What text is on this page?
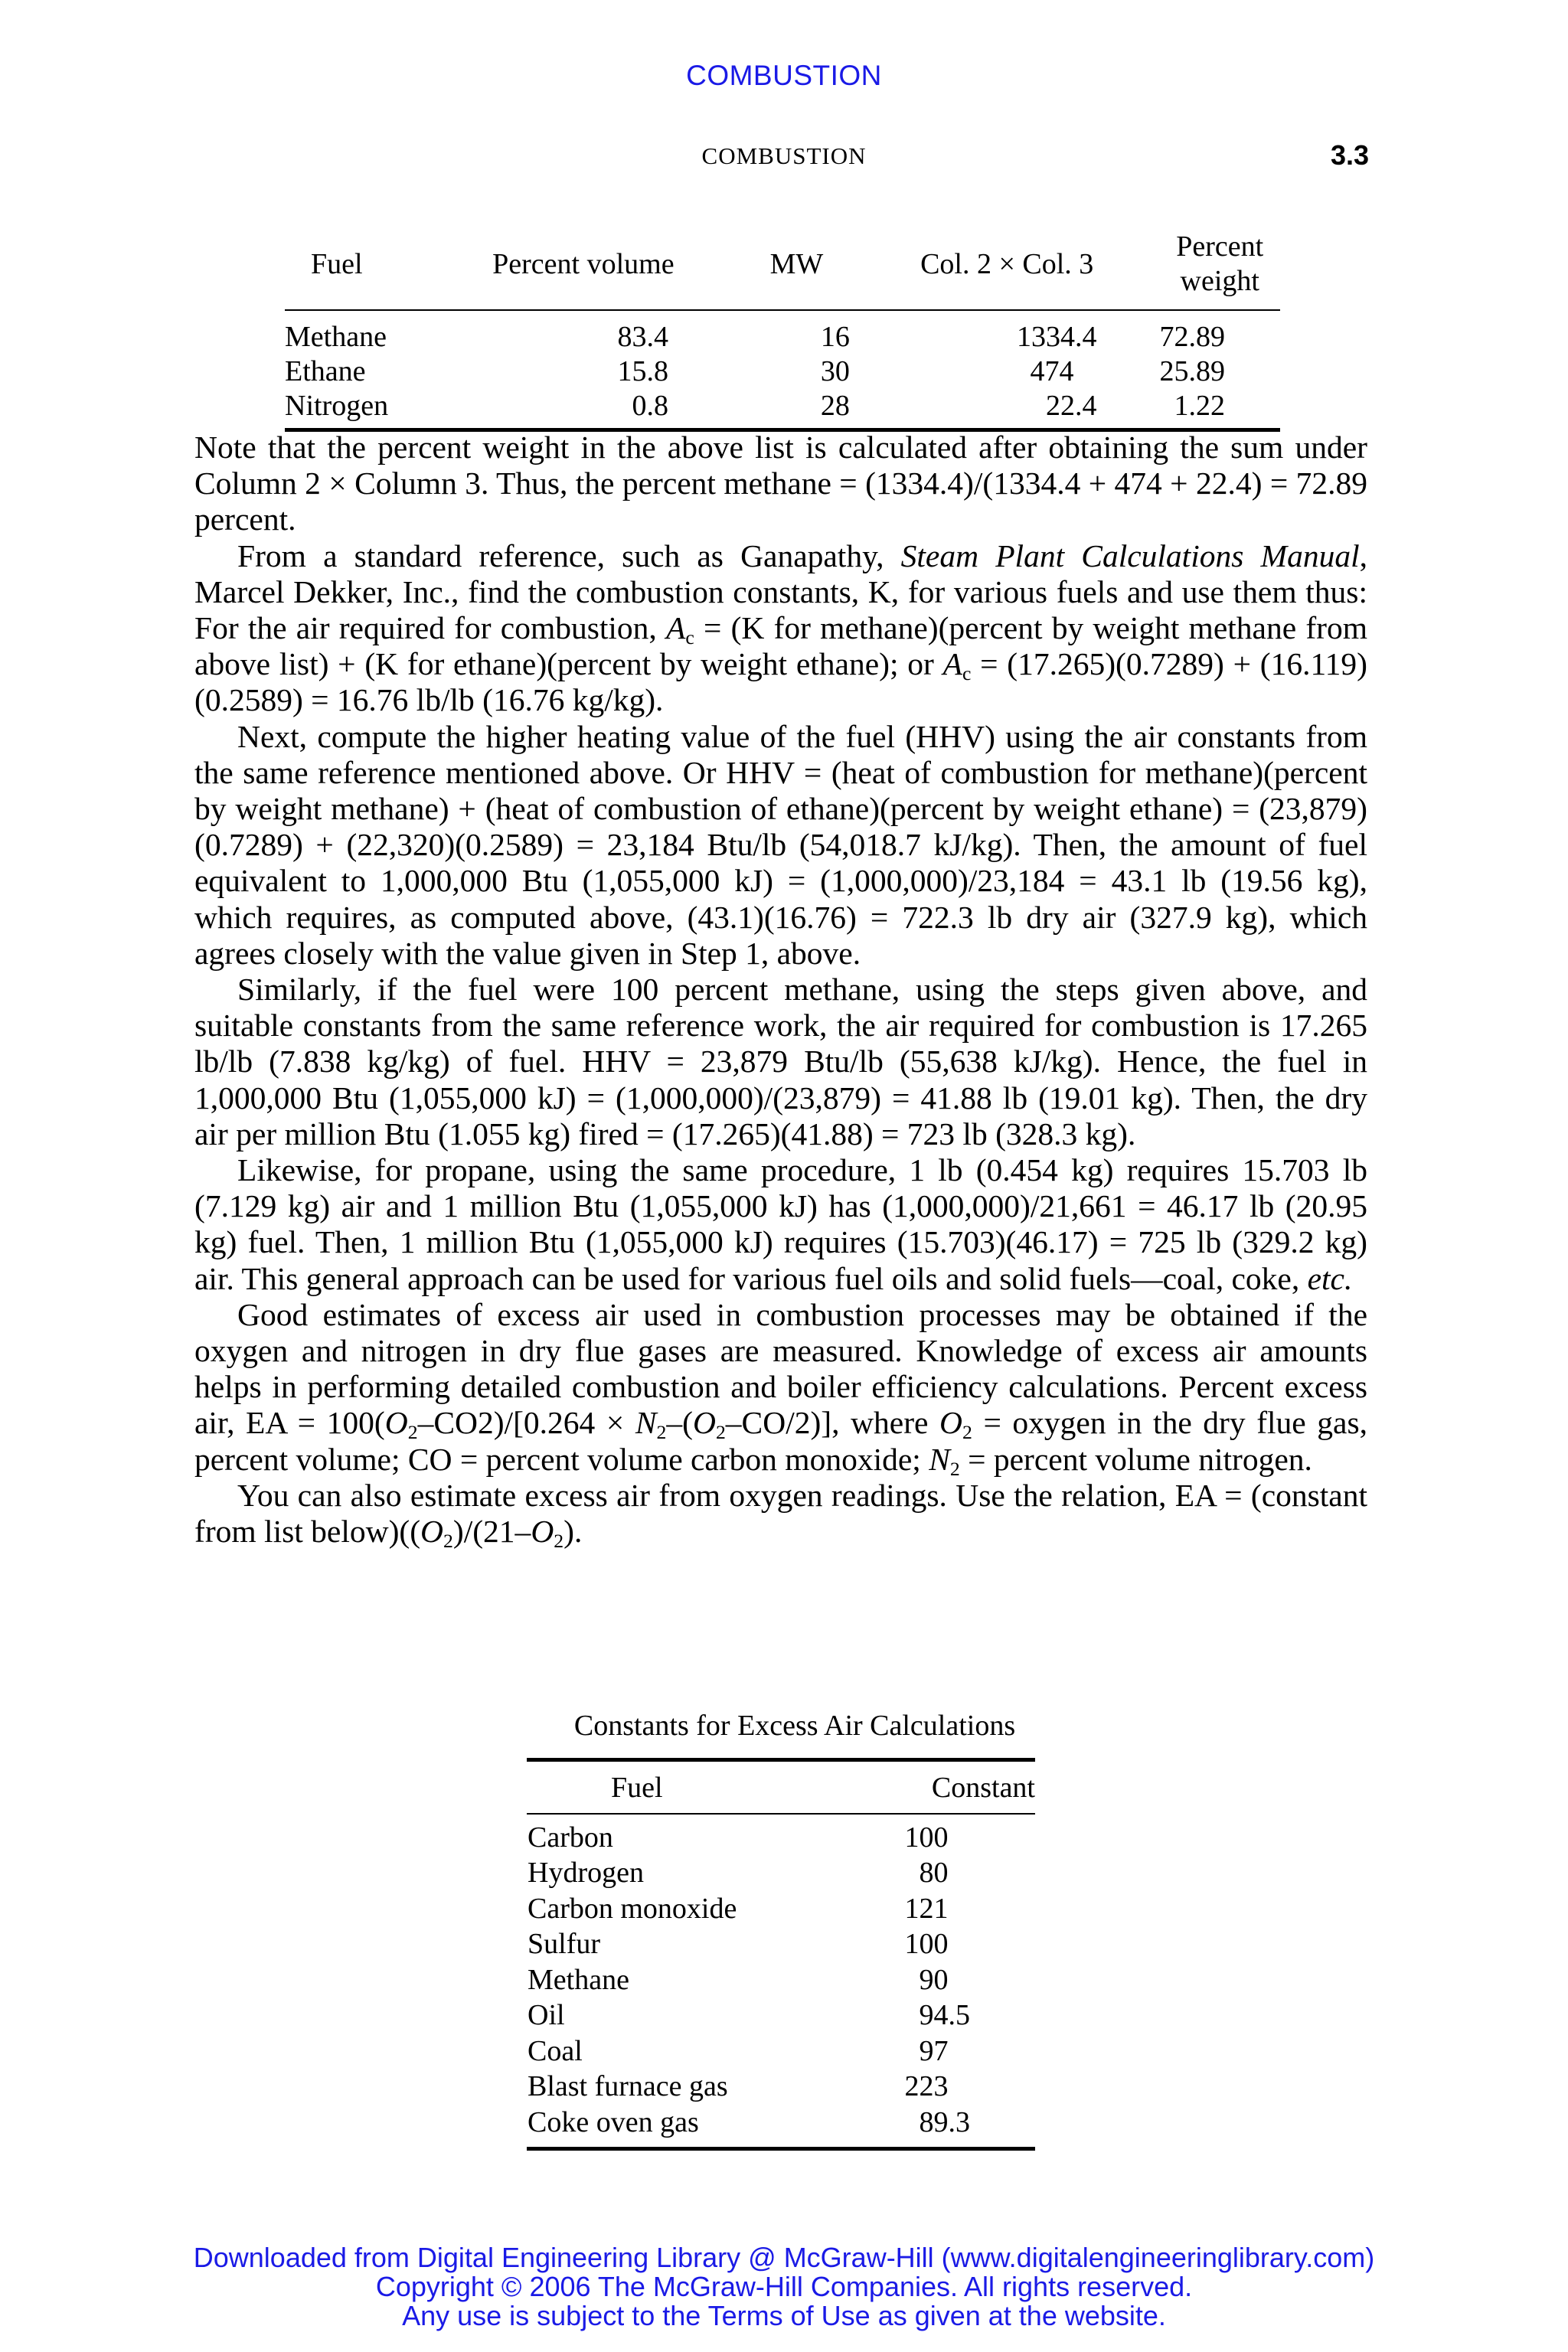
COMBUSTION
COMBUSTION	3.3
Fuel	Percent volume	MW	Col. 2 × Col. 3	Percent weight
Methane	83.4	16	1334.4	72.89
Ethane	15.8	30	474	25.89
Nitrogen	0.8	28	22.4	1.22

Note that the percent weight in the above list is calculated after obtaining the sum under Column 2 × Column 3. Thus, the percent methane = (1334.4)/(1334.4 + 474 + 22.4) = 72.89 percent.

From a standard reference, such as Ganapathy, Steam Plant Calculations Manual, Marcel Dekker, Inc., find the combustion constants, K, for various fuels and use them thus: For the air required for combustion, $A_c = (K$ for methane)(percent by weight methane from above list) + (K for ethane)(percent by weight ethane); or $A_c = (17.265)(0.7289) + (16.119)(0.2589) = 16.76$ lb/lb (16.76 kg/kg).

Next, compute the higher heating value of the fuel (HHV) using the air constants from the same reference mentioned above. Or HHV = (heat of combustion for methane)(percent by weight methane) + (heat of combustion of ethane)(percent by weight ethane) = (23,879)(0.7289) + (22,320)(0.2589) = 23,184 Btu/lb (54,018.7 kJ/kg). Then, the amount of fuel equivalent to 1,000,000 Btu (1,055,000 kJ) = (1,000,000)/23,184 = 43.1 lb (19.56 kg), which requires, as computed above, (43.1)(16.76) = 722.3 lb dry air (327.9 kg), which agrees closely with the value given in Step 1, above.

Similarly, if the fuel were 100 percent methane, using the steps given above, and suitable constants from the same reference work, the air required for combustion is 17.265 lb/lb (7.838 kg/kg) of fuel. HHV = 23,879 Btu/lb (55,638 kJ/kg). Hence, the fuel in 1,000,000 Btu (1,055,000 kJ) = (1,000,000)/(23,879) = 41.88 lb (19.01 kg). Then, the dry air per million Btu (1.055 kg) fired = (17.265)(41.88) = 723 lb (328.3 kg).

Likewise, for propane, using the same procedure, 1 lb (0.454 kg) requires 15.703 lb (7.129 kg) air and 1 million Btu (1,055,000 kJ) has (1,000,000)/21,661 = 46.17 lb (20.95 kg) fuel. Then, 1 million Btu (1,055,000 kJ) requires (15.703)(46.17) = 725 lb (329.2 kg) air. This general approach can be used for various fuel oils and solid fuels—coal, coke, etc.

Good estimates of excess air used in combustion processes may be obtained if the oxygen and nitrogen in dry flue gases are measured. Knowledge of excess air amounts helps in performing detailed combustion and boiler efficiency calculations. Percent excess air, EA = $100(O_2-CO2)/[0.264 \times N_2-(O_2-CO/2)]$, where $O_2$ = oxygen in the dry flue gas, percent volume; CO = percent volume carbon monoxide; $N_2$ = percent volume nitrogen.

You can also estimate excess air from oxygen readings. Use the relation, EA = (constant from list $below)((O_2)/(21-O_2)$.

Constants for Excess Air Calculations
Fuel	Constant
Carbon	100
Hydrogen	80
Carbon monoxide	121
Sulfur	100
Methane	90
Oil	94.5
Coal	97
Blast furnace gas	223
Coke oven gas	89.3
Downloaded from Digital Engineering Library @ McGraw-Hill (www.digitalengineeringlibrary.com)
Copyright © 2006 The McGraw-Hill Companies. All rights reserved.
Any use is subject to the Terms of Use as given at the website.
